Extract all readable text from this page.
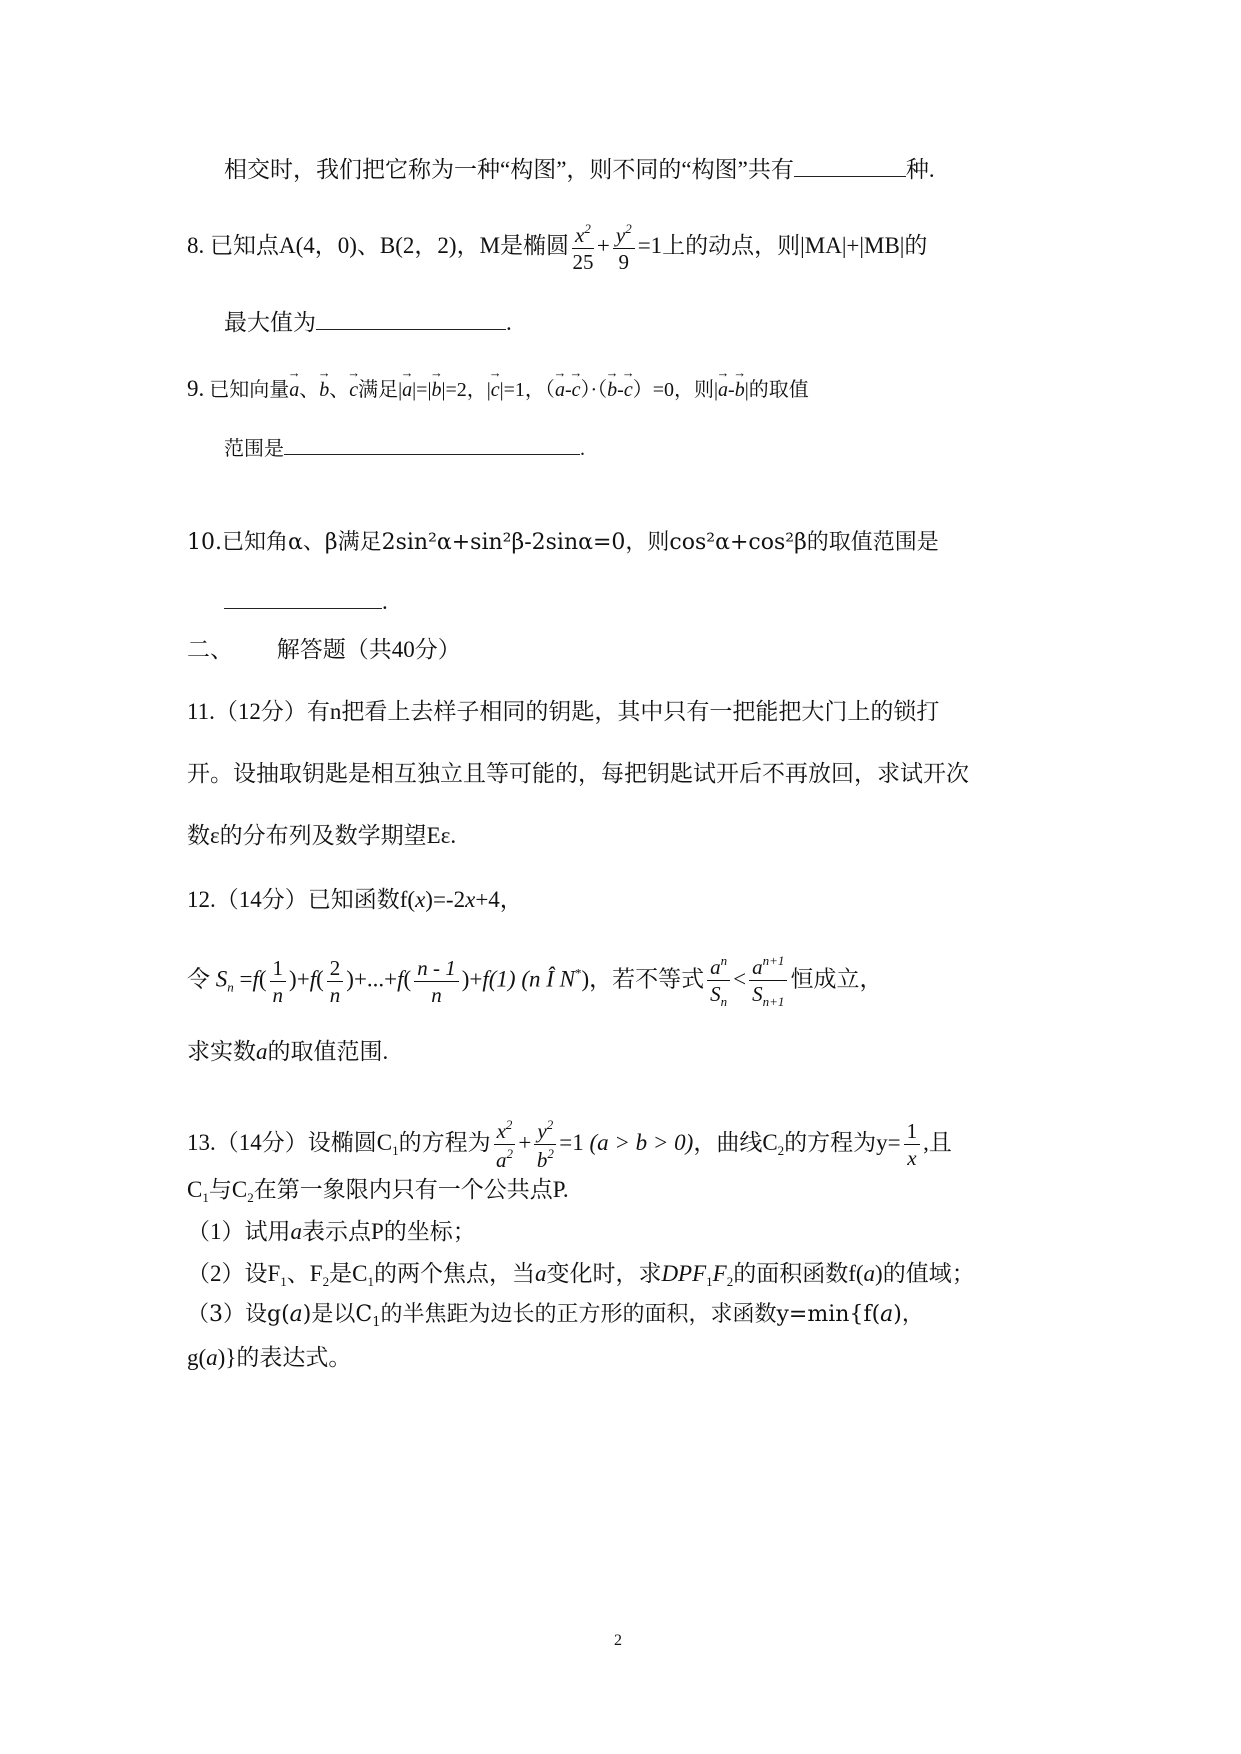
相交时，我们把它称为一种“构图”，则不同的“构图”共有	种.
8. 已知点A(4，0)、B(2，2)，M是椭圆 $\frac{x^2}{25} + \frac{y^2}{9} =1$上的动点，则|MA|+|MB|的
最大值为	.
9. 已知向量→ a、→ b、→ c满足|→ a|=|→ b|=2，|→ c|=1，（→ a-→ c）·（→ b-→ c）=0，则|→ a-→ b|的取值
范围是	.
10.已知角α、β满足2sin²α+sin²β-2sinα=0，则cos²α+cos²β的取值范围是
.
二、 解答题（共40分）
11.（12分）有n把看上去样子相同的钥匙，其中只有一把能把大门上的锁打
开。设抽取钥匙是相互独立且等可能的，每把钥匙试开后不再放回，求试开次
数ε的分布列及数学期望Eε.
12.（14分）已知函数f(x)=-2x+4，
令 $S_n =f( \frac{1}{n} )+f( \frac{2}{n} )+...+f( \frac{n - 1}{n} )+f(1)$ (n Î N*)，若不等式 $\frac{a^n}{S_n} < \frac{a^{n+1}}{S_{n+1}}$ 恒成立，
求实数a的取值范围.
13.（14分）设椭圆$C_1$的方程为 $\frac{x^2}{a^2} + \frac{y^2}{b^2} =1$ (a > b > 0)，曲线$C_2$的方程为$y= \frac{1}{x}$ ,且
$C_1$与$C_2$在第一象限内只有一个公共点P.
（1）试用a表示点P的坐标；
（2）设$F_1$、$F_2$是$C_1$的两个焦点，当a变化时，求$DPF_1F_2$的面积函数f(a)的值域；
（3）设g(a)是以$C_1$的半焦距为边长的正方形的面积，求函数y=min{f(a)，
g(a)}的表达式。
2
